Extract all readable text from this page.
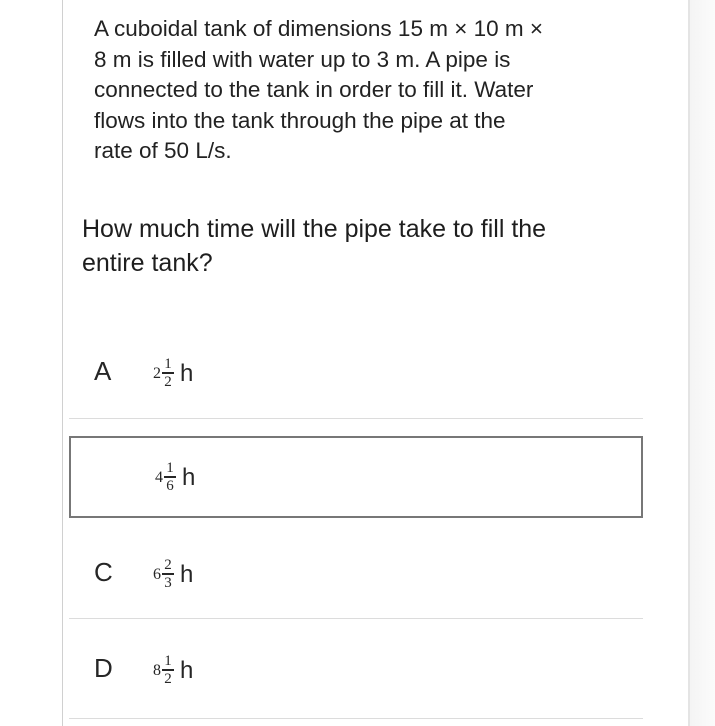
A cuboidal tank of dimensions 15 m × 10 m ×
8 m is filled with water up to 3 m. A pipe is
connected to the tank in order to fill it. Water
flows into the tank through the pipe at the
rate of 50 L/s.

How much time will the pipe take to fill the
entire tank?

A	$2 \frac{1}{2}$ h
$4 \frac{1}{6}$ h
C	$6 \frac{2}{3}$ h
D	$8 \frac{1}{2}$ h
